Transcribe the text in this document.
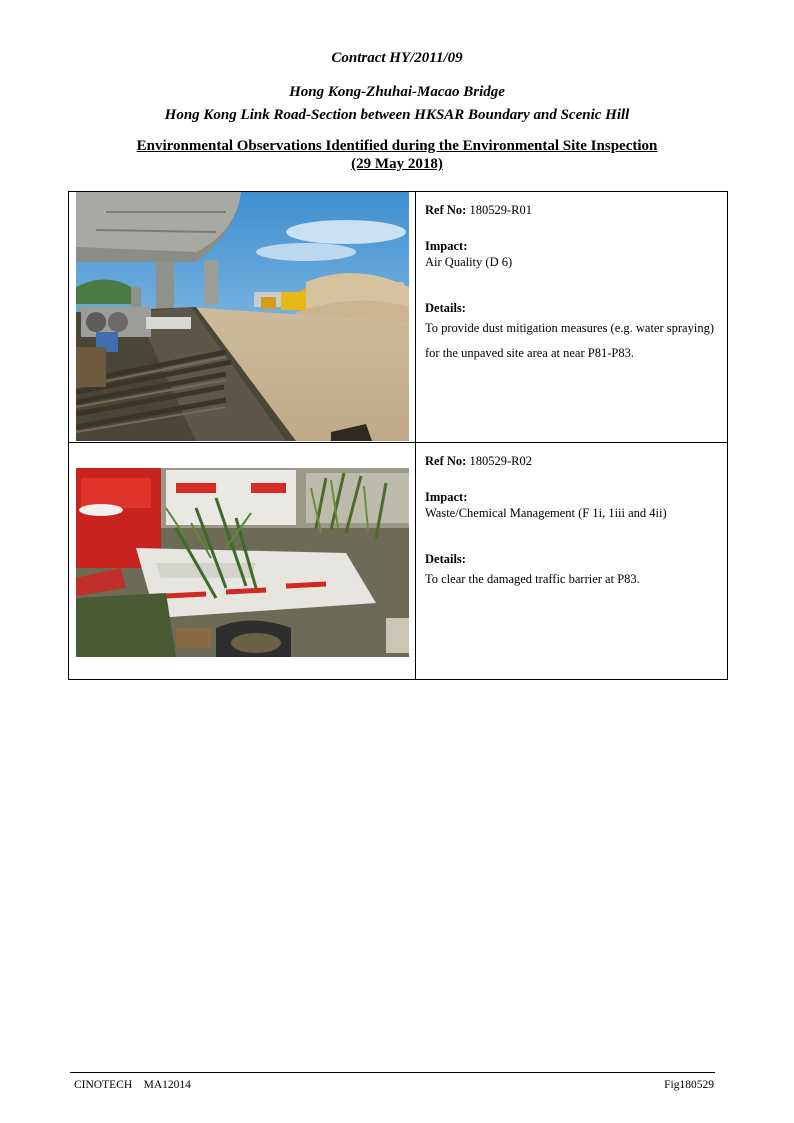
Contract HY/2011/09
Hong Kong-Zhuhai-Macao Bridge
Hong Kong Link Road-Section between HKSAR Boundary and Scenic Hill
Environmental Observations Identified during the Environmental Site Inspection
(29 May 2018)
Ref No: 180529-R01
Impact:
Air Quality (D 6)
Details:
To provide dust mitigation measures (e.g. water spraying) for the unpaved site area at near P81-P83.
Ref No: 180529-R02
Impact:
Waste/Chemical Management (F 1i, 1iii and 4ii)
Details:
To clear the damaged traffic barrier at P83.
CINOTECH    MA12014	Fig180529
